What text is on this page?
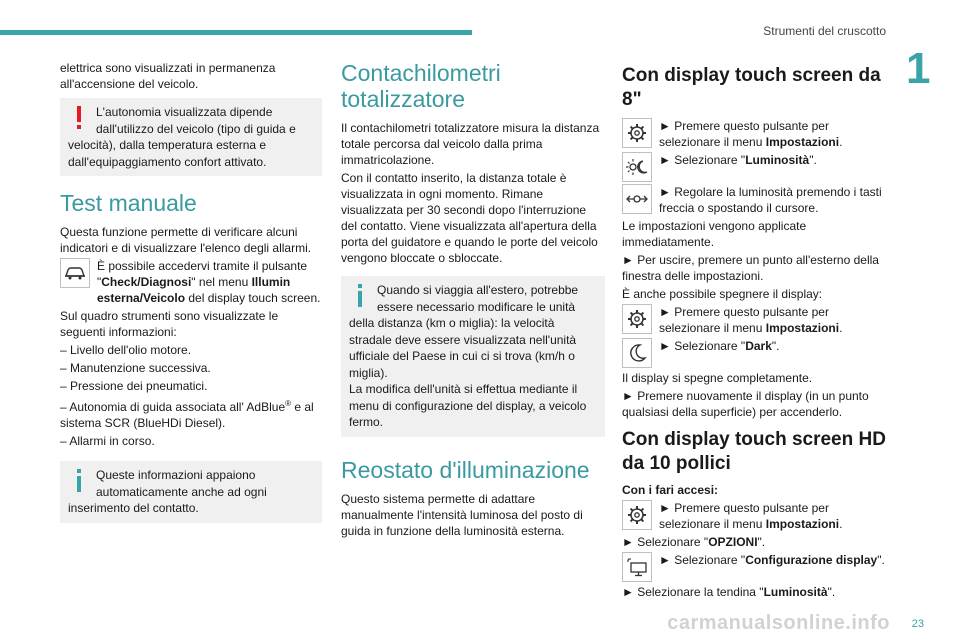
Strumenti del cruscotto
1

elettrica sono visualizzati in permanenza all'accensione del veicolo.

L'autonomia visualizzata dipende dall'utilizzo del veicolo (tipo di guida e velocità), dalla temperatura esterna e dall'equipaggiamento confort attivato.
Test manuale

Questa funzione permette di verificare alcuni indicatori e di visualizzare l'elenco degli allarmi.

È possibile accedervi tramite il pulsante "Check/Diagnosi" nel menu Illumin esterna/Veicolo del display touch screen.

Sul quadro strumenti sono visualizzate le seguenti informazioni:

– Livello dell'olio motore.

– Manutenzione successiva.

– Pressione dei pneumatici.

– Autonomia di guida associata all' AdBlue® e al sistema SCR (BlueHDi Diesel).

– Allarmi in corso.

Queste informazioni appaiono automaticamente anche ad ogni inserimento del contatto.
Contachilometri totalizzatore

Il contachilometri totalizzatore misura la distanza totale percorsa dal veicolo dalla prima immatricolazione.

Con il contatto inserito, la distanza totale è visualizzata in ogni momento. Rimane visualizzata per 30 secondi dopo l'interruzione del contatto. Viene visualizzata all'apertura della porta del guidatore e quando le porte del veicolo vengono bloccate o sbloccate.

Quando si viaggia all'estero, potrebbe essere necessario modificare le unità della distanza (km o miglia): la velocità stradale deve essere visualizzata nell'unità ufficiale del Paese in cui ci si trova (km/h o miglia).
La modifica dell'unità si effettua mediante il menu di configurazione del display, a veicolo fermo.
Reostato d'illuminazione

Questo sistema permette di adattare manualmente l'intensità luminosa del posto di guida in funzione della luminosità esterna.

Con display touch screen da 8"

► Premere questo pulsante per selezionare il menu Impostazioni.

► Selezionare "Luminosità".

► Regolare la luminosità premendo i tasti freccia o spostando il cursore.

Le impostazioni vengono applicate immediatamente.

► Per uscire, premere un punto all'esterno della finestra delle impostazioni.

È anche possibile spegnere il display:

► Premere questo pulsante per selezionare il menu Impostazioni.

► Selezionare "Dark".

Il display si spegne completamente.

► Premere nuovamente il display (in un punto qualsiasi della superficie) per accenderlo.

Con display touch screen HD da 10 pollici

Con i fari accesi:

► Premere questo pulsante per selezionare il menu Impostazioni.

► Selezionare "OPZIONI".

► Selezionare "Configurazione display".

► Selezionare la tendina "Luminosità".

carmanualsonline.info 23
